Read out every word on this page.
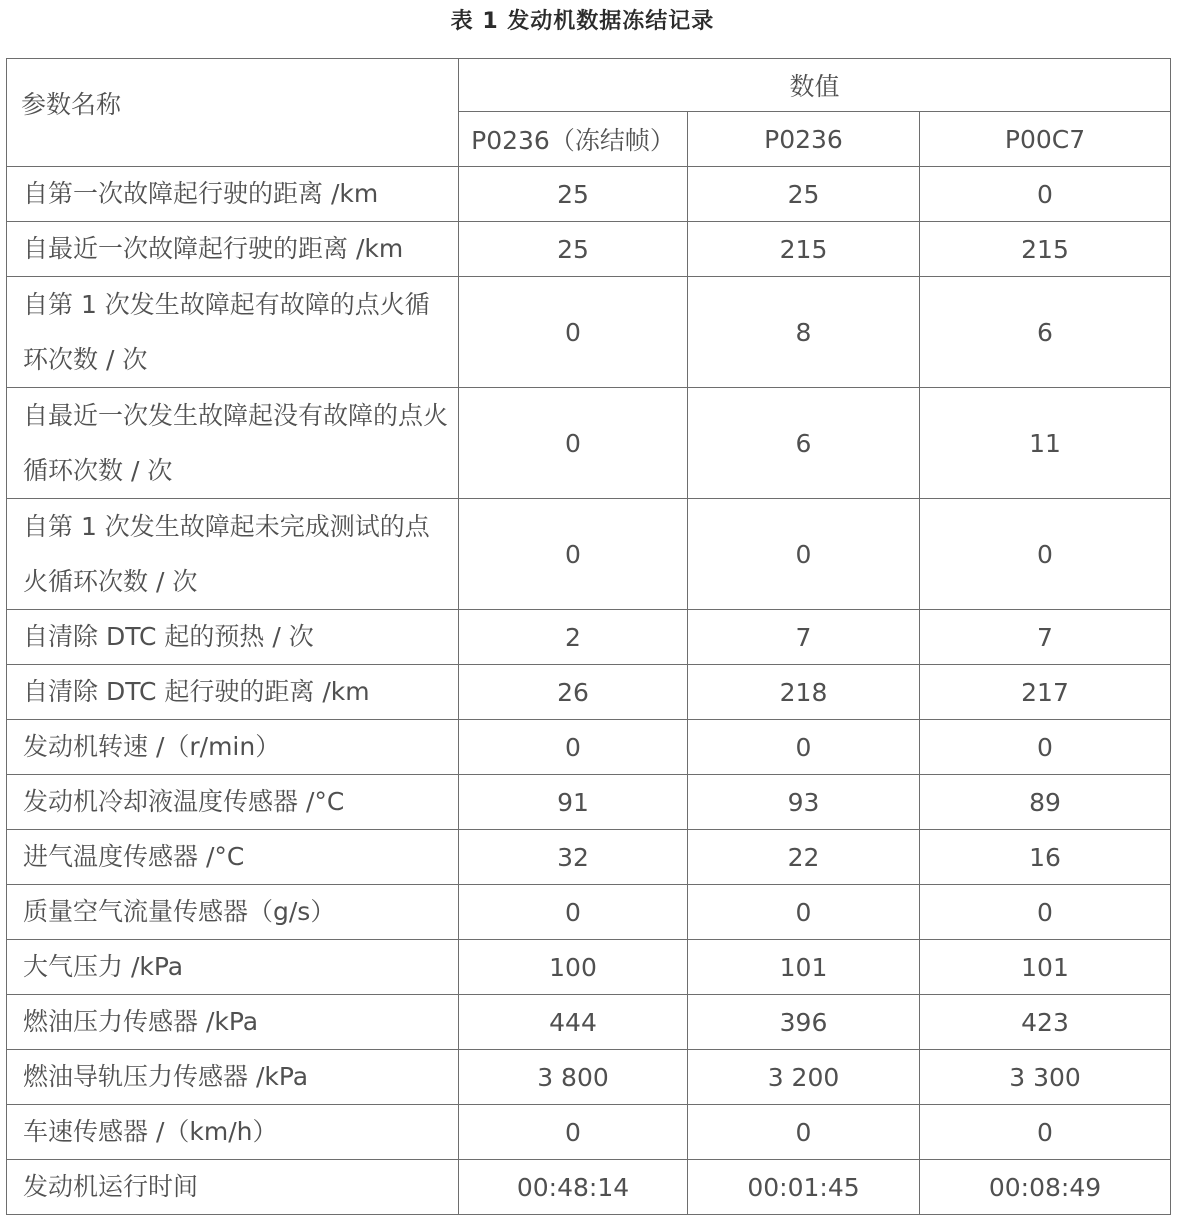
表 1 发动机数据冻结记录
参数名称	数值		
	P0236（冻结帧）	P0236	P00C7
自第一次故障起行驶的距离 /km	25	25	0
自最近一次故障起行驶的距离 /km	25	215	215
自第 1 次发生故障起有故障的点火循环次数 / 次	0	8	6
自最近一次发生故障起没有故障的点火循环次数 / 次	0	6	11
自第 1 次发生故障起未完成测试的点火循环次数 / 次	0	0	0
自清除 DTC 起的预热 / 次	2	7	7
自清除 DTC 起行驶的距离 /km	26	218	217
发动机转速 /（r/min）	0	0	0
发动机冷却液温度传感器 /°C	91	93	89
进气温度传感器 /°C	32	22	16
质量空气流量传感器（g/s）	0	0	0
大气压力 /kPa	100	101	101
燃油压力传感器 /kPa	444	396	423
燃油导轨压力传感器 /kPa	3 800	3 200	3 300
车速传感器 /（km/h）	0	0	0
发动机运行时间	00:48:14	00:01:45	00:08:49
